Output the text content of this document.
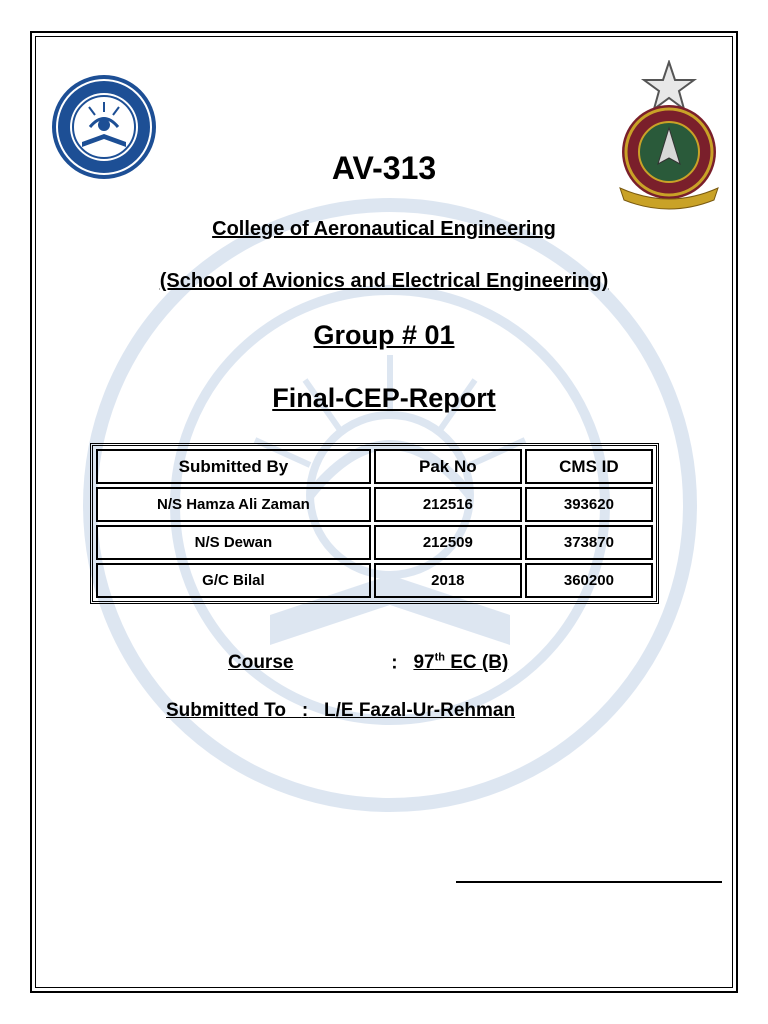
AV-313
College of Aeronautical Engineering
(School of Avionics and Electrical Engineering)
Group # 01
Final-CEP-Report
Submitted By	Pak No	CMS ID
N/S Hamza Ali Zaman	212516	393620
N/S Dewan	212509	373870
G/C Bilal	2018	360200
Course	: 97th EC (B)
Submitted To : L/E Fazal-Ur-Rehman
